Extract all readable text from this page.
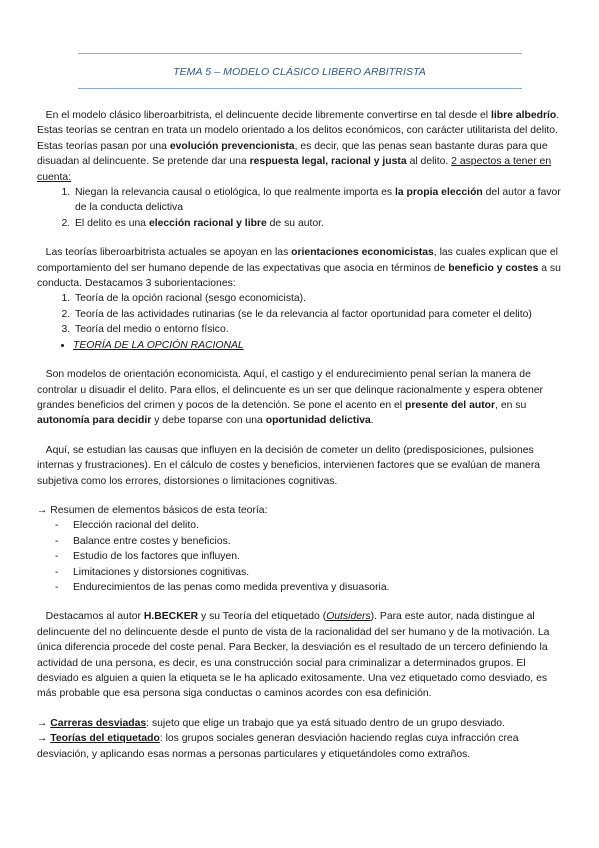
TEMA 5 – MODELO CLÁSICO LIBERO ARBITRISTA

En el modelo clásico liberoarbitrista, el delincuente decide libremente convertirse en tal desde el libre albedrío. Estas teorías se centran en trata un modelo orientado a los delitos económicos, con carácter utilitarista del delito. Estas teorías pasan por una evolución prevencionista, es decir, que las penas sean bastante duras para que disuadan al delincuente. Se pretende dar una respuesta legal, racional y justa al delito. 2 aspectos a tener en cuenta:

1. Niegan la relevancia causal o etiológica, lo que realmente importa es la propia elección del autor a favor de la conducta delictiva
2. El delito es una elección racional y libre de su autor.

Las teorías liberoarbitrista actuales se apoyan en las orientaciones economicistas, las cuales explican que el comportamiento del ser humano depende de las expectativas que asocia en términos de beneficio y costes a su conducta. Destacamos 3 suborientaciones:

1. Teoría de la opción racional (sesgo economicista).
2. Teoría de las actividades rutinarias (se le da relevancia al factor oportunidad para cometer el delito)
3. Teoría del medio o entorno físico.
• TEORÍA DE LA OPCIÓN RACIONAL

Son modelos de orientación economicista. Aquí, el castigo y el endurecimiento penal serían la manera de controlar u disuadir el delito. Para ellos, el delincuente es un ser que delinque racionalmente y espera obtener grandes beneficios del crimen y pocos de la detención. Se pone el acento en el presente del autor, en su autonomía para decidir y debe toparse con una oportunidad delictiva.

Aquí, se estudian las causas que influyen en la decisión de cometer un delito (predisposiciones, pulsiones internas y frustraciones). En el cálculo de costes y beneficios, intervienen factores que se evalúan de manera subjetiva como los errores, distorsiones o limitaciones cognitivas.

→ Resumen de elementos básicos de esta teoría:

- Elección racional del delito.
- Balance entre costes y beneficios.
- Estudio de los factores que influyen.
- Limitaciones y distorsiones cognitivas.
- Endurecimientos de las penas como medida preventiva y disuasoria.

Destacamos al autor H.BECKER y su Teoría del etiquetado (Outsiders). Para este autor, nada distingue al delincuente del no delincuente desde el punto de vista de la racionalidad del ser humano y de la motivación. La única diferencia procede del coste penal. Para Becker, la desviación es el resultado de un tercero definiendo la actividad de una persona, es decir, es una construcción social para criminalizar a determinados grupos. El desviado es alguien a quien la etiqueta se le ha aplicado exitosamente. Una vez etiquetado como desviado, es más probable que esa persona siga conductas o caminos acordes con esa definición.

→ Carreras desviadas: sujeto que elige un trabajo que ya está situado dentro de un grupo desviado.

→ Teorías del etiquetado: los grupos sociales generan desviación haciendo reglas cuya infracción crea desviación, y aplicando esas normas a personas particulares y etiquetándoles como extraños.
